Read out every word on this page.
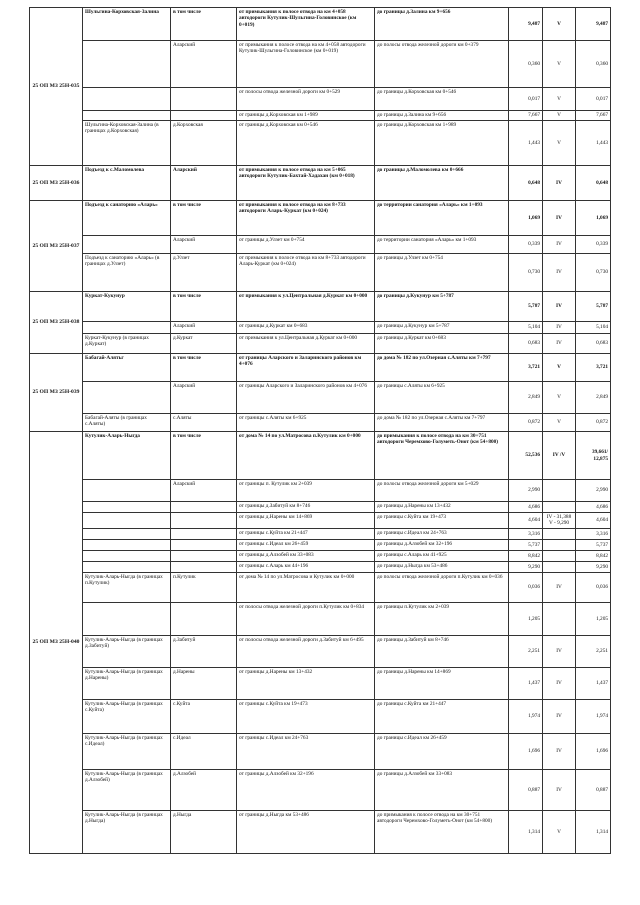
25 ОП МЗ 25Н-035	Шульгина-Корховская-Залина	в том числе	от примыкания к полосе отвода на км 4+058 автодороги Кутулик-Шульгина-Головинское (км 0+019)	до границы д.Залина км 9+656	9,487	V	9,487
		Аларский	от примыкания к полосе отвода на км 4+058 автодороги Кутулик-Шульгина-Головинское (км 0+019)	до полосы отвода железной дороги км 0+379	0,360	V	0,360
			от полосы отвода железной дороги км 0+529	до границы д.Корховская км 0+546	0,017	V	0,017
			от границы д.Корховская км 1+989	до границы д.Залина км 9+656	7,667	V	7,667
	Шульгина-Корховская-Залина (в границах д.Корховская)	д.Корховская	от границы д.Корховская км 0+546	до границы д.Корховская км 1+989	1,443	V	1,443
25 ОП МЗ 25Н-036	Подъезд к с.Маломолева	Аларский	от примыкания к полосе отвода на км 5+065 автодороги Кутулик-Бахтай-Хадахан (км 0+018)	до границы д.Маломолева км 0+666	0,648	IV	0,648
25 ОП МЗ 25Н-037	Подъезд к санаторию «Аларь»	в том числе	от примыкания к полосе отвода на км 8+733 автодороги Аларь-Куркат (км 0+024)	до территории санатория «Аларь» км 1+093	1,069	IV	1,069
		Аларский	от границы д.Улзет км 0+754	до территории санатория «Аларь» км 1+093	0,339	IV	0,339
	Подъезд к санаторию «Аларь» (в границах д.Улзет)	д.Улзет	от примыкания к полосе отвода на км 8+733 автодороги Аларь-Куркат (км 0+024)	до границы д.Улзет км 0+754	0,730	IV	0,730
25 ОП МЗ 25Н-038	Куркат-Кукунур	в том числе	от примыкания к ул.Центральная д.Куркат км 0+000	до границы д.Кукунур км 5+787	5,787	IV	5,787
		Аларский	от границы д.Куркат км 0+683	до границы д.Кукунур км 5+787	5,104	IV	5,104
	Куркат-Кукунур (в границах д.Куркат)	д.Куркат	от примыкания к ул.Центральная д.Куркат км 0+000	до границы д.Куркат км 0+683	0,683	IV	0,683
25 ОП МЗ 25Н-039	Бабагай-Алятьг	в том числе	от границы Аларского и Заларинского районов км 4+076	до дома № 182 по ул.Озерная с.Аляты км 7+797	3,721	V	3,721
		Аларский	от границы Аларского и Заларинского районов км 4+076	до границы с.Аляты км 6+925	2,849	V	2,849
	Бабагай-Аляты (в границах с.Аляты)	с.Аляты	от границы с.Аляты км 6+925	до дома № 182 по ул.Озерная с.Аляты км 7+797	0,872	V	0,872
25 ОП МЗ 25Н-040	Кутулик-Аларь-Ныгда	в том числе	от дома № 14 по ул.Матросова п.Кутулик км 0+000	до примыкания к полосе отвода на км 30+751 автодороги Черемхово-Голуметь-Онот (км 54+800)	52,536	IV /V	39,661/ 12,875
		Аларский	от границы п. Кутулик км 2+039	до полосы отвода железной дороги км 5+029	2,990		2,990
			от границы д.Забитуй км 8+746	до границы д.Нарены км 13+432	4,686		4,686
			от границы д.Нарены км 14+869	до границы с.Куйта км 19+473	4,604	IV - 31,388 V - 9,290	4,604
			от границы с.Куйта км 21+447	до границы с.Идеал км 24+763	3,316		3,316
			от границы с.Идеал км 26+459	до границы д.Алзобей км 32+196	5,737		5,737
			от границы д.Алзобей км 33+083	до границы с.Аларь км 41+925	8,842		8,842
			от границы с.Аларь км 44+196	до границы д.Ныгда км 53+486	9,290		9,290
	Кутулик-Аларь-Ныгда (в границах п.Кутулик)	п.Кутулик	от дома № 14 по ул.Матросова и Кутулик км 0+000	до полосы отвода железной дороги п.Кутулик км 0+036	0,036	IV	0,036
			от полосы отвода железной дороги п.Кутулик км 0+834	до границы п.Кутулик км 2+039	1,205		1,205
	Кутулик-Аларь-Ныгда (в границах д.Забитуй)	д.Забитуй	от полосы отвода железной дороги д.Забитуй км 6+495	до границы д.Забитуй км 8+746	2,251	IV	2,251
	Кутулик-Аларь-Ныгда (в границах д.Нарены)	д.Нарены	от границы д.Нарены км 13+432	до границы д.Нарены км 14+869	1,437	IV	1,437
	Кутулик-Аларь-Ныгда (в границах с.Куйта)	с.Куйта	от границы с.Куйта км 19+473	до границы с.Куйта км 21+447	1,974	IV	1,974
	Кутулик-Аларь-Ныгда (в границах с.Идеал)	с.Идеал	от границы с.Идеал км 24+763	до границы с.Идеал км 26+459	1,696	IV	1,696
	Кутулик-Аларь-Ныгда (в границах д.Алзобей)	д.Алзобей	от границы д.Алзобей км 32+196	до границы д.Алзобей км 33+083	0,887	IV	0,887
	Кутулик-Аларь-Ныгда (в границах д.Ныгда)	д.Ныгда	от границы д.Ныгда км 53+486	до примыкания к полосе отвода на км 30+751 автодороги Черемхово-Голуметь-Онот (км 54+800)	1,314	V	1,314
